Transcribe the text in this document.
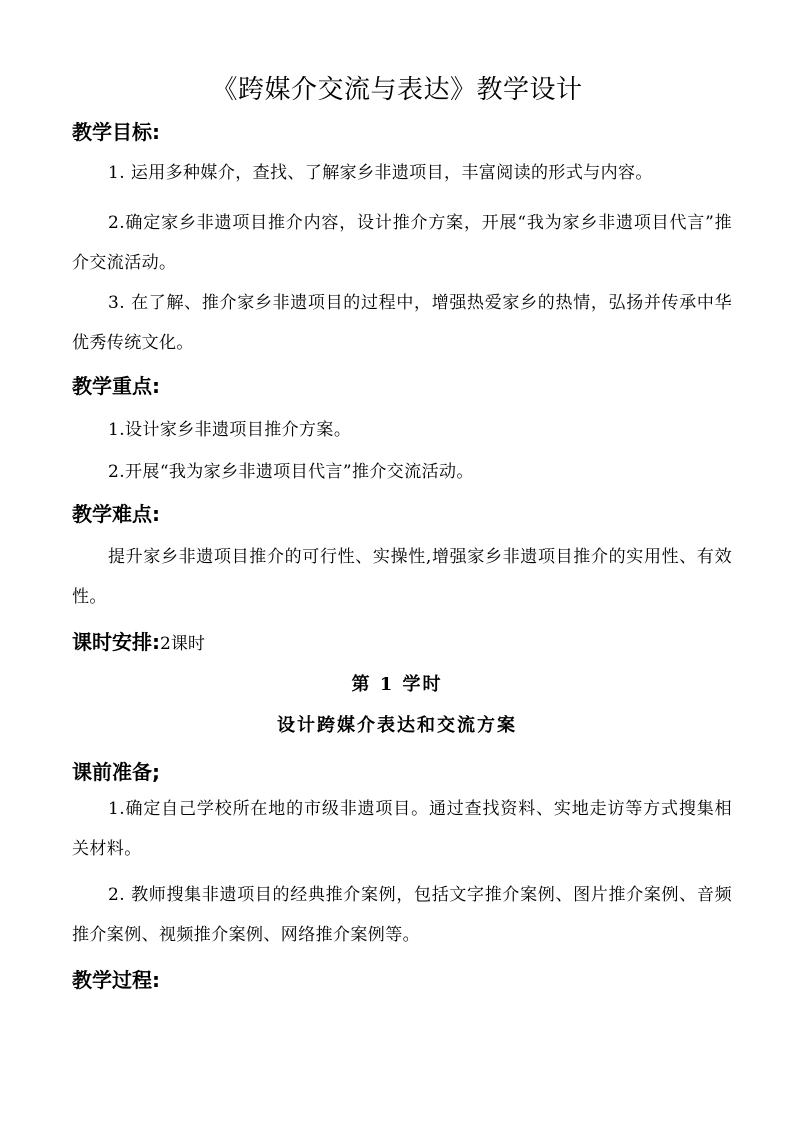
《跨媒介交流与表达》教学设计
教学目标:
1. 运用多种媒介，查找、了解家乡非遗项目，丰富阅读的形式与内容。
2.确定家乡非遗项目推介内容，设计推介方案，开展“我为家乡非遗项目代言”推介交流活动。
3. 在了解、推介家乡非遗项目的过程中，增强热爱家乡的热情，弘扬并传承中华优秀传统文化。
教学重点:
1.设计家乡非遗项目推介方案。
2.开展“我为家乡非遗项目代言”推介交流活动。
教学难点:
提升家乡非遗项目推介的可行性、实操性,增强家乡非遗项目推介的实用性、有效性。
课时安排:2课时
第 1 学时
设计跨媒介表达和交流方案
课前准备;
1.确定自己学校所在地的市级非遗项目。通过查找资料、实地走访等方式搜集相关材料。
2. 教师搜集非遗项目的经典推介案例，包括文字推介案例、图片推介案例、音频推介案例、视频推介案例、网络推介案例等。
教学过程:
